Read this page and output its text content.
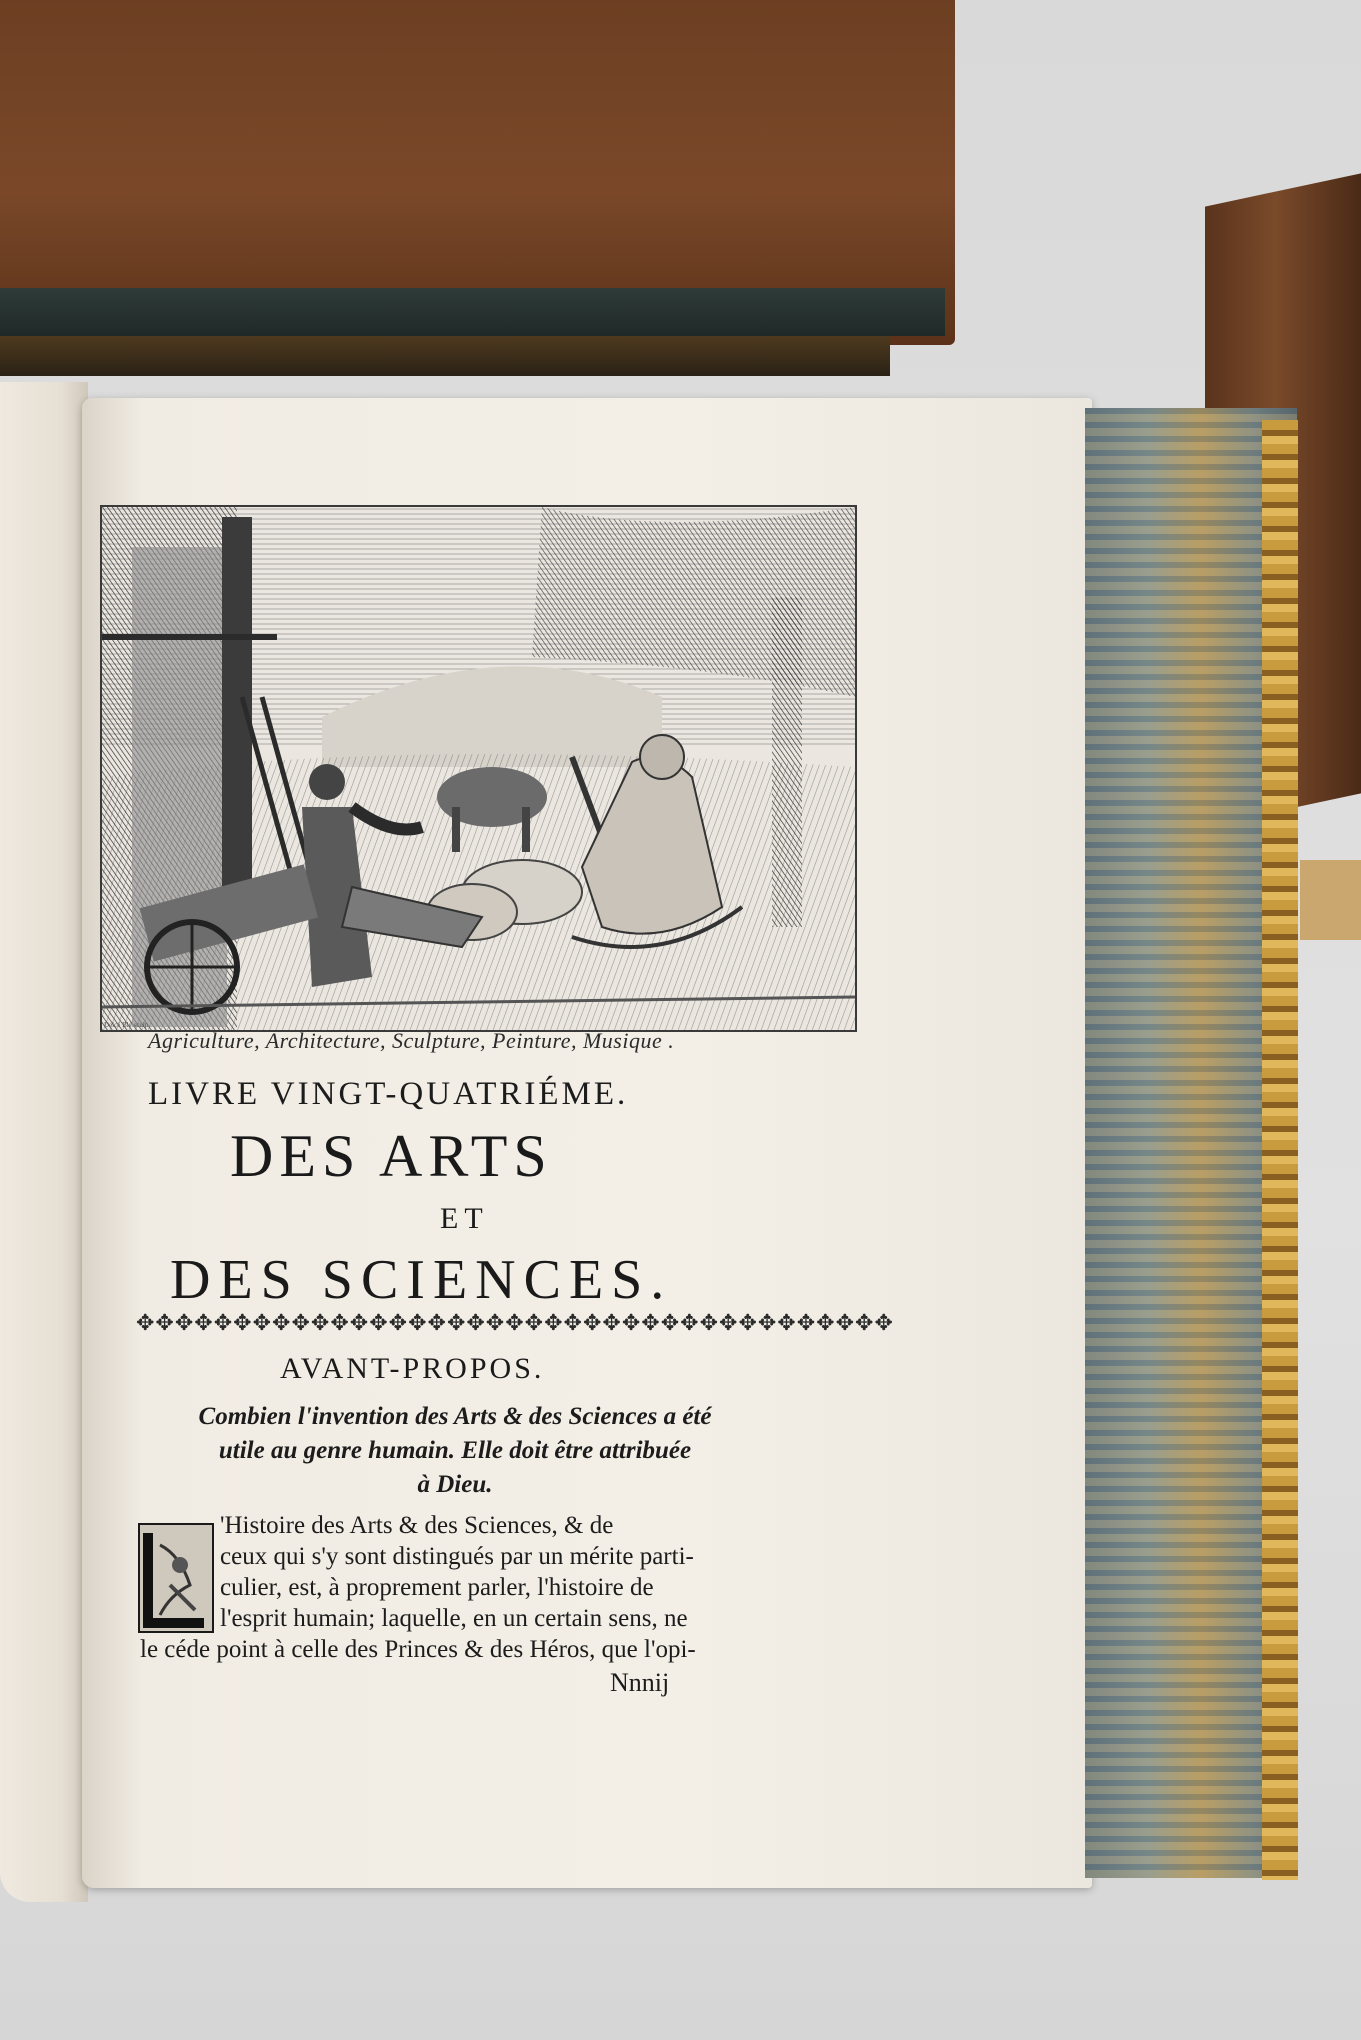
Delcé Blé sculp.
Agriculture, Architecture, Sculpture, Peinture, Musique .
LIVRE VINGT-QUATRIÉME.
DES ARTS
ET
DES SCIENCES.
✥✥✥✥✥✥✥✥✥✥✥✥✥✥✥✥✥✥✥✥✥✥✥✥✥✥✥✥✥✥✥✥✥✥✥✥✥✥✥
AVANT-PROPOS.
Combien l'invention des Arts & des Sciences a été
utile au genre humain. Elle doit être attribuée
à Dieu.
'Histoire des Arts & des Sciences, & de
ceux qui s'y sont distingués par un mérite parti-
culier, est, à proprement parler, l'histoire de
l'esprit humain; laquelle, en un certain sens, ne
le céde point à celle des Princes & des Héros, que l'opi-
Nnnij
